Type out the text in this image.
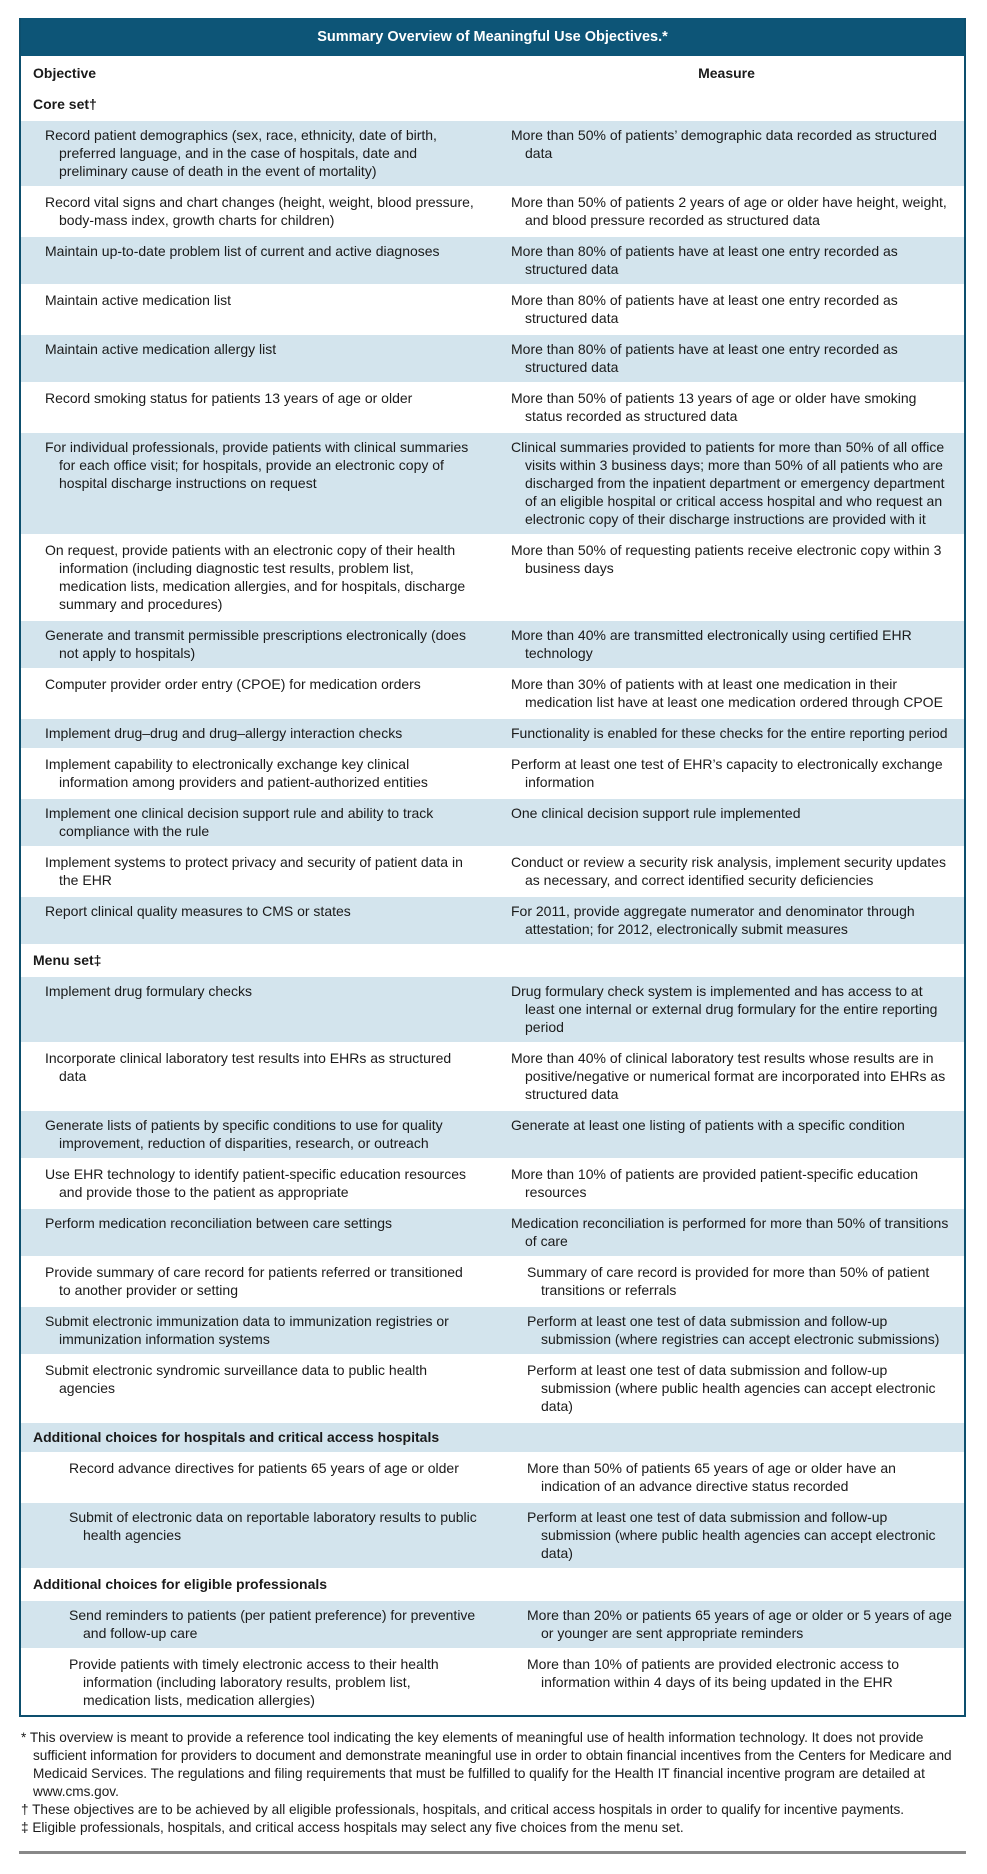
Summary Overview of Meaningful Use Objectives.*
Objective	Measure
Core set†	

Record patient demographics (sex, race, ethnicity, date of birth, preferred language, and in the case of hospitals, date and preliminary cause of death in the event of mortality)	More than 50% of patients’ demographic data recorded as structured data

Record vital signs and chart changes (height, weight, blood pressure, body-mass index, growth charts for children)	More than 50% of patients 2 years of age or older have height, weight, and blood pressure recorded as structured data

Maintain up-to-date problem list of current and active diagnoses	More than 80% of patients have at least one entry recorded as structured data

Maintain active medication list	More than 80% of patients have at least one entry recorded as structured data

Maintain active medication allergy list	More than 80% of patients have at least one entry recorded as structured data

Record smoking status for patients 13 years of age or older	More than 50% of patients 13 years of age or older have smoking status recorded as structured data

For individual professionals, provide patients with clinical summaries for each office visit; for hospitals, provide an electronic copy of hospital discharge instructions on request	Clinical summaries provided to patients for more than 50% of all office visits within 3 business days; more than 50% of all patients who are discharged from the inpatient department or emergency department of an eligible hospital or critical access hospital and who request an electronic copy of their discharge instructions are provided with it

On request, provide patients with an electronic copy of their health information (including diagnostic test results, problem list, medication lists, medication allergies, and for hospitals, discharge summary and procedures)	More than 50% of requesting patients receive electronic copy within 3 business days

Generate and transmit permissible prescriptions electronically (does not apply to hospitals)	More than 40% are transmitted electronically using certified EHR technology

Computer provider order entry (CPOE) for medication orders	More than 30% of patients with at least one medication in their medication list have at least one medication ordered through CPOE

Implement drug–drug and drug–allergy interaction checks	Functionality is enabled for these checks for the entire reporting period

Implement capability to electronically exchange key clinical information among providers and patient-authorized entities	Perform at least one test of EHR’s capacity to electronically exchange information

Implement one clinical decision support rule and ability to track compliance with the rule	One clinical decision support rule implemented

Implement systems to protect privacy and security of patient data in the EHR	Conduct or review a security risk analysis, implement security updates as necessary, and correct identified security deficiencies

Report clinical quality measures to CMS or states	For 2011, provide aggregate numerator and denominator through attestation; for 2012, electronically submit measures

Menu set‡	

Implement drug formulary checks	Drug formulary check system is implemented and has access to at least one internal or external drug formulary for the entire reporting period

Incorporate clinical laboratory test results into EHRs as structured data	More than 40% of clinical laboratory test results whose results are in positive/negative or numerical format are incorporated into EHRs as structured data

Generate lists of patients by specific conditions to use for quality improvement, reduction of disparities, research, or outreach	Generate at least one listing of patients with a specific condition

Use EHR technology to identify patient-specific education resources and provide those to the patient as appropriate	More than 10% of patients are provided patient-specific education resources

Perform medication reconciliation between care settings	Medication reconciliation is performed for more than 50% of transitions of care

Provide summary of care record for patients referred or transitioned to another provider or setting	Summary of care record is provided for more than 50% of patient transitions or referrals

Submit electronic immunization data to immunization registries or immunization information systems	Perform at least one test of data submission and follow-up submission (where registries can accept electronic submissions)

Submit electronic syndromic surveillance data to public health agencies	Perform at least one test of data submission and follow-up submission (where public health agencies can accept electronic data)

Additional choices for hospitals and critical access hospitals	

Record advance directives for patients 65 years of age or older	More than 50% of patients 65 years of age or older have an indication of an advance directive status recorded

Submit of electronic data on reportable laboratory results to public health agencies	Perform at least one test of data submission and follow-up submission (where public health agencies can accept electronic data)

Additional choices for eligible professionals	

Send reminders to patients (per patient preference) for preventive and follow-up care	More than 20% or patients 65 years of age or older or 5 years of age or younger are sent appropriate reminders

Provide patients with timely electronic access to their health information (including laboratory results, problem list, medication lists, medication allergies)	More than 10% of patients are provided electronic access to information within 4 days of its being updated in the EHR

* This overview is meant to provide a reference tool indicating the key elements of meaningful use of health information technology. It does not provide sufficient information for providers to document and demonstrate meaningful use in order to obtain financial incentives from the Centers for Medicare and Medicaid Services. The regulations and filing requirements that must be fulfilled to qualify for the Health IT financial incentive program are detailed at www.cms.gov.

† These objectives are to be achieved by all eligible professionals, hospitals, and critical access hospitals in order to qualify for incentive payments.

‡ Eligible professionals, hospitals, and critical access hospitals may select any five choices from the menu set.
